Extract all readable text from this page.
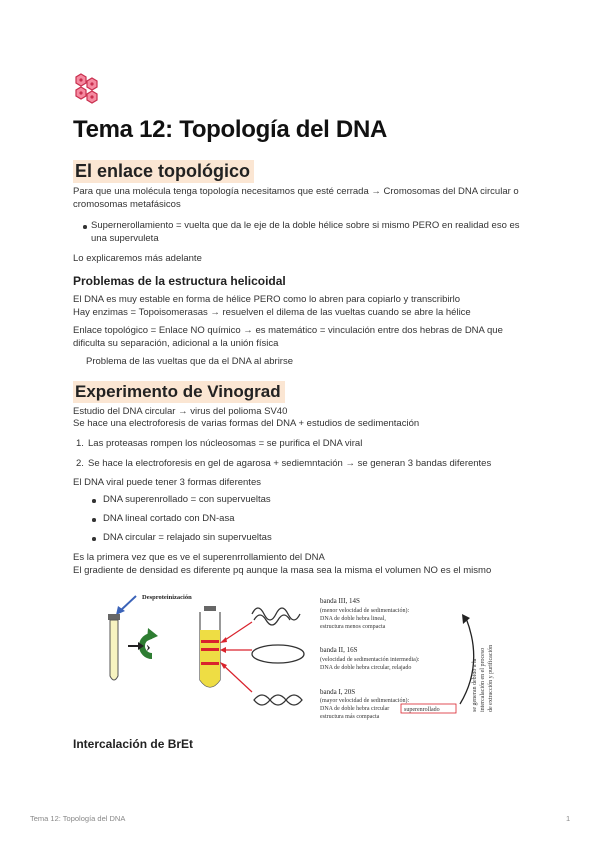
Tema 12: Topología del DNA
El enlace topológico

Para que una molécula tenga topología necesitamos que esté cerrada → Cromosomas del DNA circular o cromosomas metafásicos

Supernerollamiento = vuelta que da le eje de la doble hélice sobre si mismo PERO en realidad eso es una supervuleta

Lo explicaremos más adelante

Problemas de la estructura helicoidal

El DNA es muy estable en forma de hélice PERO como lo abren para copiarlo y transcribirlo

Hay enzimas = Topoisomerasas → resuelven el dilema de las vueltas cuando se abre la hélice

Enlace topológico = Enlace NO químico → es matemático = vinculación entre dos hebras de DNA que dificulta su separación, adicional a la unión física

Problema de las vueltas que da el DNA al abrirse

Experimento de Vinograd

Estudio del DNA circular → virus del polioma SV40

Se hace una electroforesis de varias formas del DNA + estudios de sedimentación

1. Las proteasas rompen los núcleosomas = se purifica el DNA viral

2. Se hace la electroforesis en gel de agarosa + sediemntación → se generan 3 bandas diferentes

El DNA viral puede tener 3 formas diferentes

DNA superenrollado = con supervueltas

DNA lineal cortado con DN-asa

DNA circular = relajado sin supervueltas

Es la primera vez que es ve el superenrrollamiento del DNA

El gradiente de densidad es diferente pq aunque la masa sea la misma el volumen NO es el mismo

Desproteinización
›
banda III, 14S
(menor velocidad de sedimentación):
DNA de doble hebra lineal,
estructura menos compacta
banda II, 16S
(velocidad de sedimentación intermedia):
DNA de doble hebra circular, relajado
banda I, 20S
(mayor velocidad de sedimentación):
DNA de doble hebra circular superenrollado
estructura más compacta
se generan debido a la intercalación en el proceso de extracción y purificación
Intercalación de BrEt
Tema 12: Topología del DNA	1
